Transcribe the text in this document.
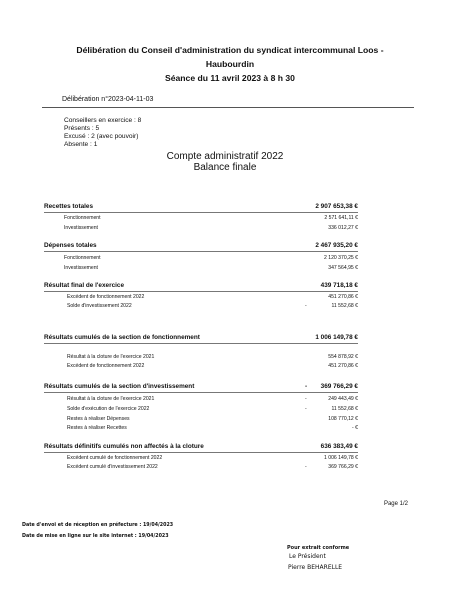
Délibération du Conseil d'administration du syndicat intercommunal Loos -
Haubourdin
Séance du 11 avril 2023 à 8 h 30
Délibération n°2023-04-11-03
Conseillers en exercice : 8
Présents : 5
Excusé : 2 (avec pouvoir)
Absente : 1
Compte administratif 2022
Balance finale
Recettes totales	2 907 653,38 €
Fonctionnement	2 571 641,11 €
Investissement	336 012,27 €
Dépenses totales	2 467 935,20 €
Fonctionnement	2 120 370,25 €
Investissement	347 564,95 €
Résultat final de l'exercice	439 718,18 €
Excédent de fonctionnement 2022	451 270,86 €
Solde d'investissement 2022	-	11 552,68 €
Résultats cumulés de la section de fonctionnement	1 006 149,78 €
Résultat à la cloture de l'exercice 2021	554 878,92 €
Excédent de fonctionnement 2022	451 270,86 €
Résultats cumulés de la section d'investissement	- 369 766,29 €
Résultat à la cloture de l'exercice 2021	-	249 443,49 €
Solde d'exécution de l'exercice 2022	-	11 552,68 €
Restes à réaliser Dépenses	108 770,12 €
Restes à réaliser Recettes	- €
Résultats définitifs cumulés non affectés à la cloture	636 383,49 €
Excédent cumulé de fonctionnement 2022	1 006 149,78 €
Excédent cumulé d'investissement 2022	-	369 766,29 €
Page 1/2
Date d'envoi et de réception en préfecture : 19/04/2023
Date de mise en ligne sur le site internet : 19/04/2023
Pour extrait conforme
Le Président
Pierre BEHARELLE
